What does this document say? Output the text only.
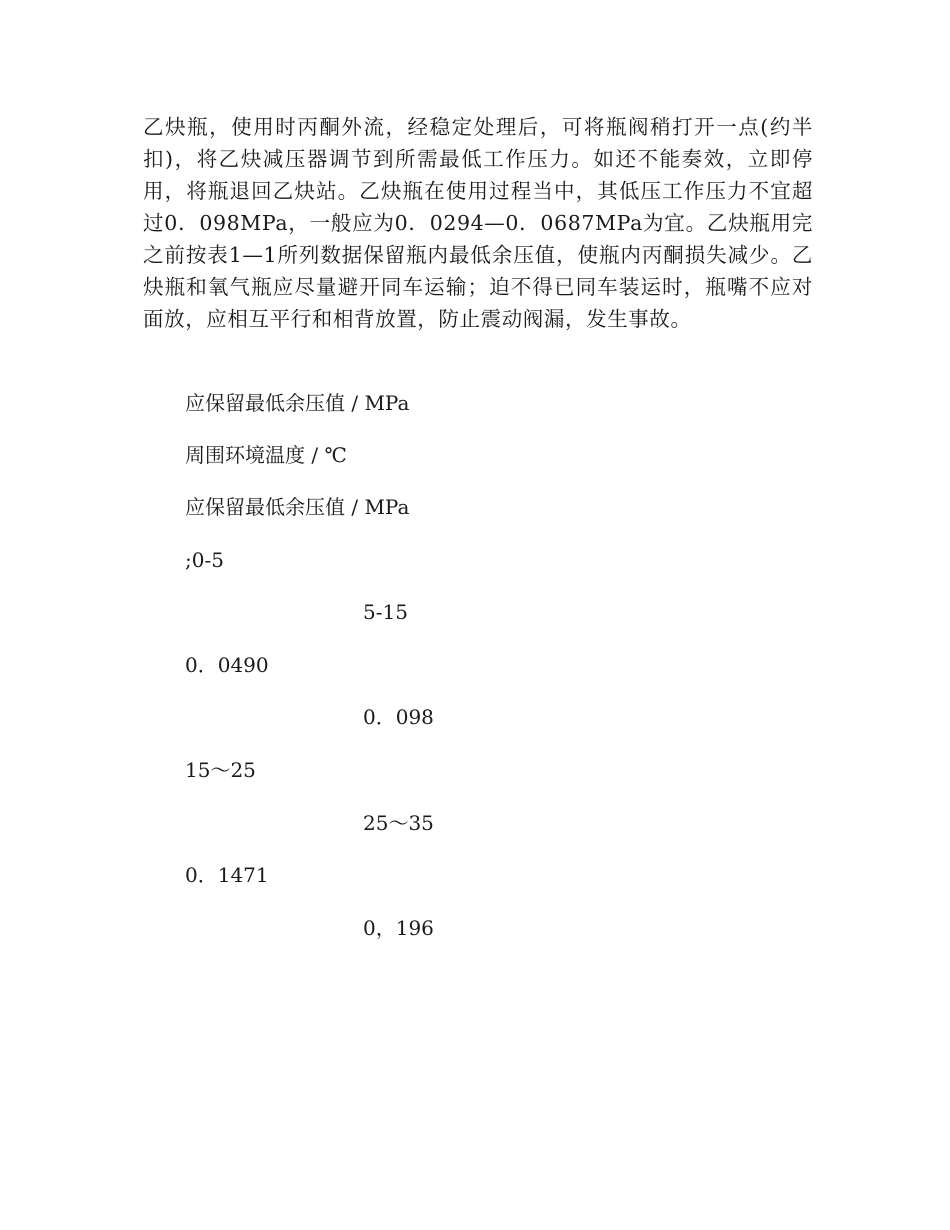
乙炔瓶，使用时丙酮外流，经稳定处理后，可将瓶阀稍打开一点(约半扣)，将乙炔减压器调节到所需最低工作压力。如还不能奏效，立即停用，将瓶退回乙炔站。乙炔瓶在使用过程当中，其低压工作压力不宜超过0．098MPa，一般应为0．0294—0．0687MPa为宜。乙炔瓶用完之前按表1—1所列数据保留瓶内最低余压值，使瓶内丙酮损失减少。乙炔瓶和氧气瓶应尽量避开同车运输；迫不得已同车装运时，瓶嘴不应对面放，应相互平行和相背放置，防止震动阀漏，发生事故。

应保留最低余压值 / MPa

周围环境温度 / ℃

应保留最低余压值 / MPa

;0-5

5-15

0．0490

0．098

15～25

25～35

0．1471

0，196
